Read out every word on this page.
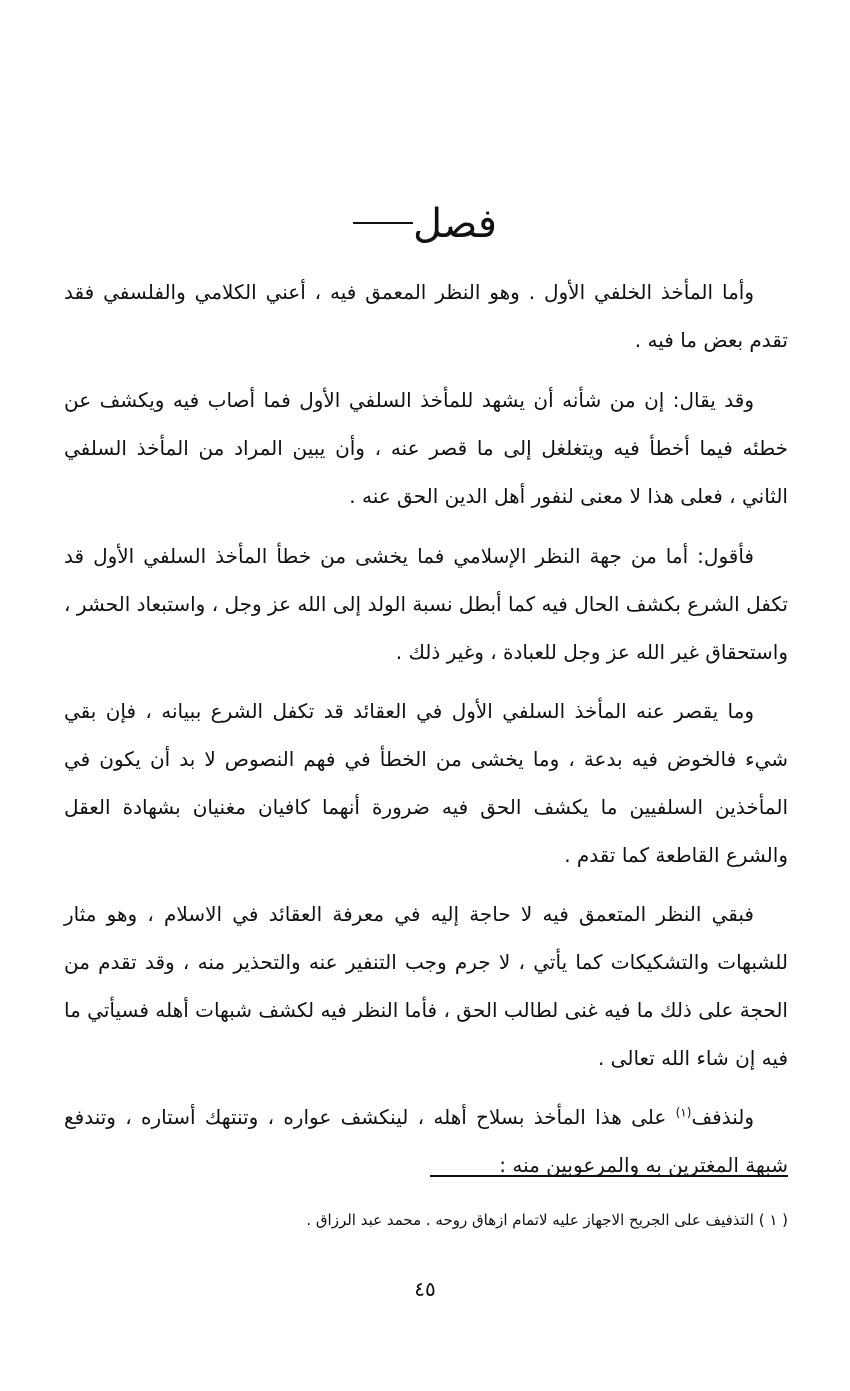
فصل

وأما المأخذ الخلفي الأول . وهو النظر المعمق فيه ، أعني الكلامي والفلسفي فقد تقدم بعض ما فيه .

وقد يقال: إن من شأنه أن يشهد للمأخذ السلفي الأول فما أصاب فيه ويكشف عن خطئه فيما أخطأ فيه ويتغلغل إلى ما قصر عنه ، وأن يبين المراد من المأخذ السلفي الثاني ، فعلى هذا لا معنى لنفور أهل الدين الحق عنه .

فأقول: أما من جهة النظر الإسلامي فما يخشى من خطأ المأخذ السلفي الأول قد تكفل الشرع بكشف الحال فيه كما أبطل نسبة الولد إلى الله عز وجل ، واستبعاد الحشر ، واستحقاق غير الله عز وجل للعبادة ، وغير ذلك .

وما يقصر عنه المأخذ السلفي الأول في العقائد قد تكفل الشرع ببيانه ، فإن بقي شيء فالخوض فيه بدعة ، وما يخشى من الخطأ في فهم النصوص لا بد أن يكون في المأخذين السلفيين ما يكشف الحق فيه ضرورة أنهما كافيان مغنيان بشهادة العقل والشرع القاطعة كما تقدم .

فبقي النظر المتعمق فيه لا حاجة إليه في معرفة العقائد في الاسلام ، وهو مثار للشبهات والتشكيكات كما يأتي ، لا جرم وجب التنفير عنه والتحذير منه ، وقد تقدم من الحجة على ذلك ما فيه غنى لطالب الحق ، فأما النظر فيه لكشف شبهات أهله فسيأتي ما فيه إن شاء الله تعالى .

ولنذفف$^{(١)}$ على هذا المأخذ بسلاح أهله ، لينكشف عواره ، وتنتهك أستاره ، وتندفع شبهة المغترين به والمرعوبين منه :

( ١ ) التذفيف على الجريح الاجهاز عليه لاتمام ازهاق روحه . محمد عبد الرزاق .
٤٥
